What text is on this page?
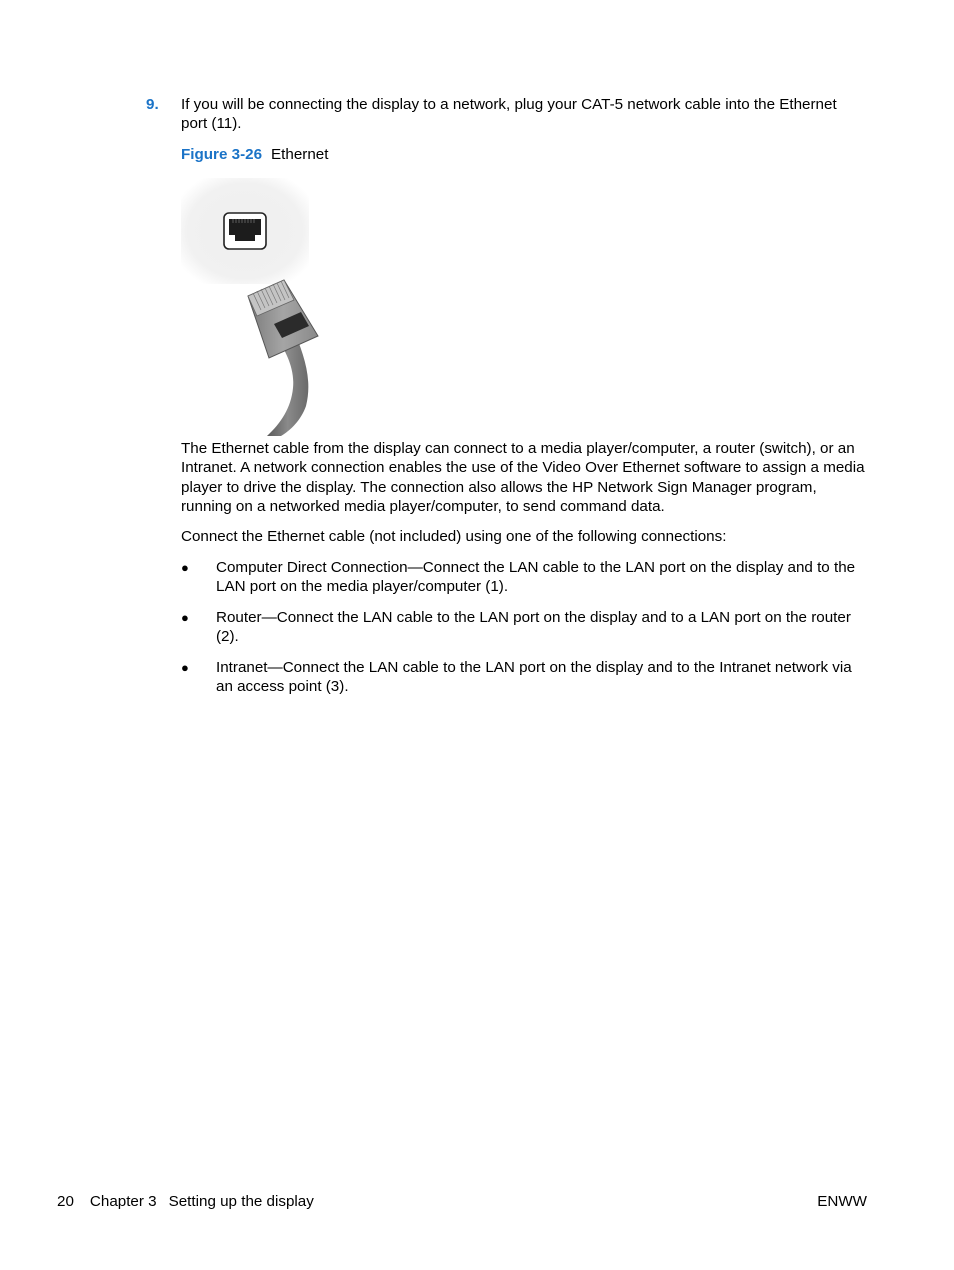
9. If you will be connecting the display to a network, plug your CAT-5 network cable into the Ethernet port (11).
Figure 3-26 Ethernet
The Ethernet cable from the display can connect to a media player/computer, a router (switch), or an Intranet. A network connection enables the use of the Video Over Ethernet software to assign a media player to drive the display. The connection also allows the HP Network Sign Manager program, running on a networked media player/computer, to send command data.
Connect the Ethernet cable (not included) using one of the following connections:
● Computer Direct Connection—Connect the LAN cable to the LAN port on the display and to the LAN port on the media player/computer (1).
● Router—Connect the LAN cable to the LAN port on the display and to a LAN port on the router (2).
● Intranet—Connect the LAN cable to the LAN port on the display and to the Intranet network via an access point (3).
20 Chapter 3 Setting up the display	ENWW
